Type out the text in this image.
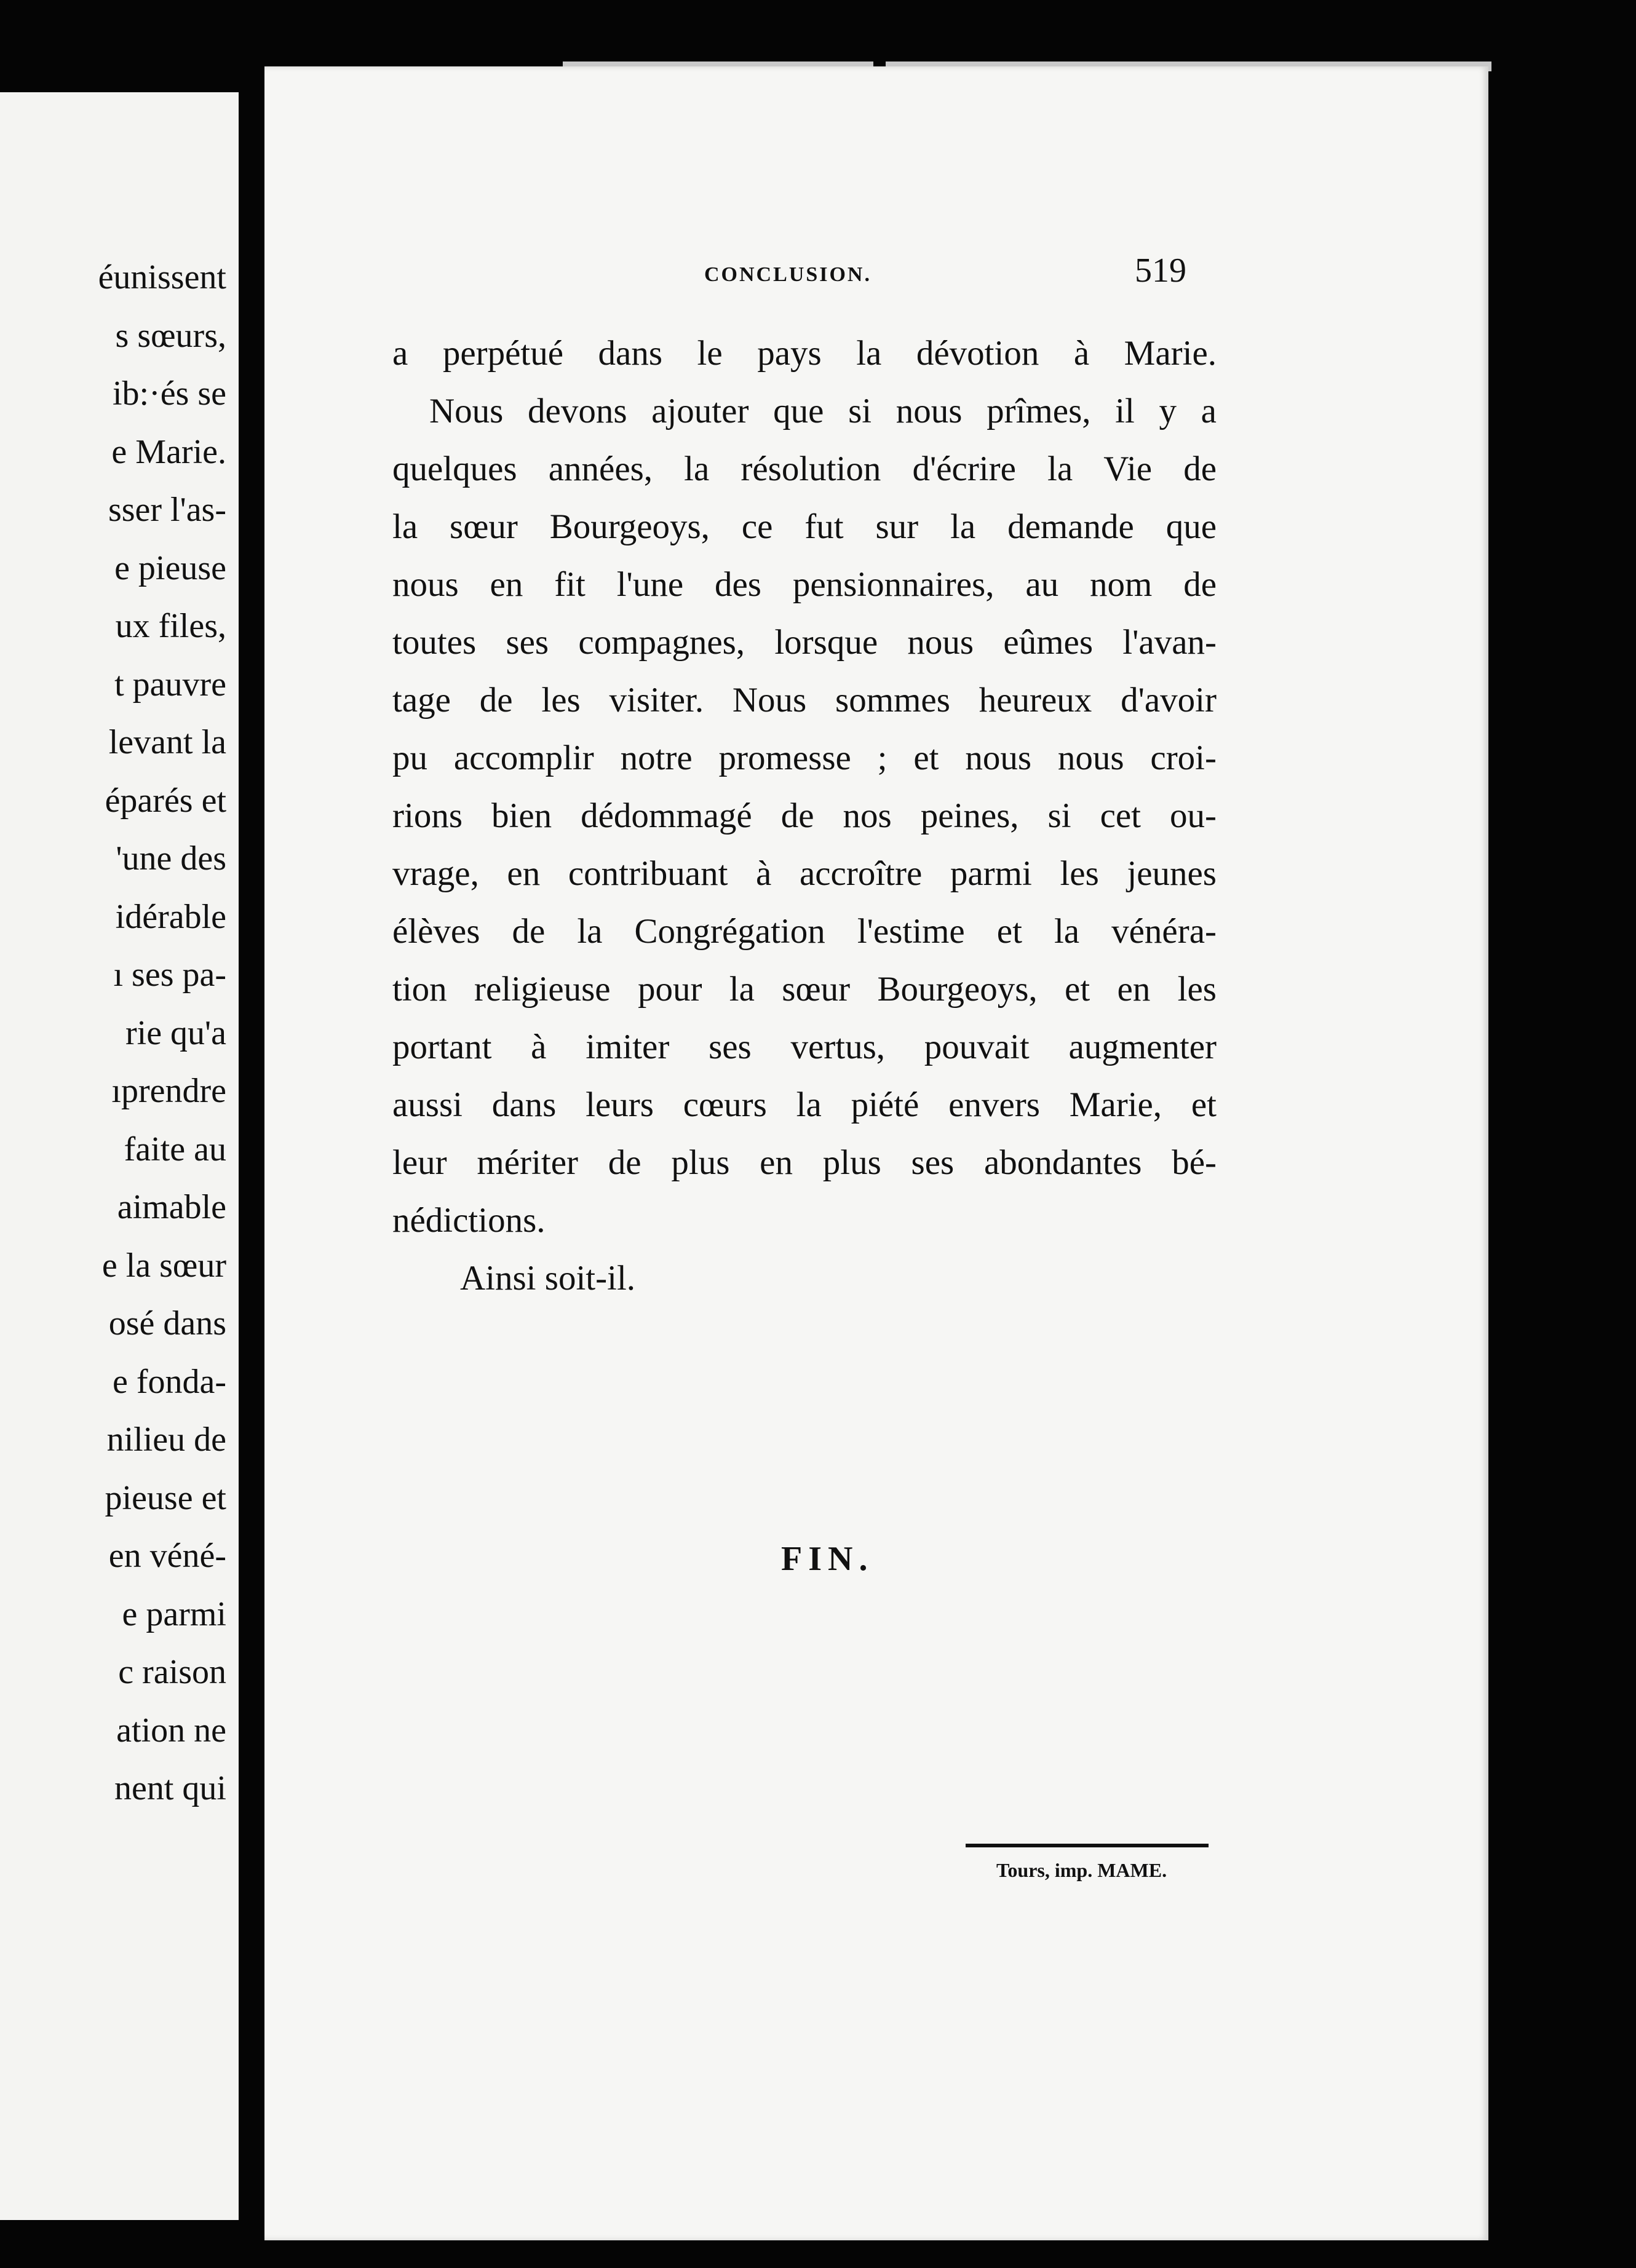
éunissent
s sœurs,
ib:·és se
e Marie.
sser l'as-
e pieuse
ux files,
t pauvre
levant la
éparés et
'une des
idérable
ı ses pa-
rie qu'a
ıprendre
faite au
aimable
e la sœur
osé dans
e fonda-
nilieu de
pieuse et
en véné-
e parmi
c raison
ation ne
nent qui
CONCLUSION.	519
a perpétué dans le pays la dévotion à Marie.
Nous devons ajouter que si nous prîmes, il y a
quelques années, la résolution d'écrire la Vie de
la sœur Bourgeoys, ce fut sur la demande que
nous en fit l'une des pensionnaires, au nom de
toutes ses compagnes, lorsque nous eûmes l'avan-
tage de les visiter. Nous sommes heureux d'avoir
pu accomplir notre promesse ; et nous nous croi-
rions bien dédommagé de nos peines, si cet ou-
vrage, en contribuant à accroître parmi les jeunes
élèves de la Congrégation l'estime et la vénéra-
tion religieuse pour la sœur Bourgeoys, et en les
portant à imiter ses vertus, pouvait augmenter
aussi dans leurs cœurs la piété envers Marie, et
leur mériter de plus en plus ses abondantes bé-
nédictions.
Ainsi soit-il.
FIN.
Tours, imp. MAME.
